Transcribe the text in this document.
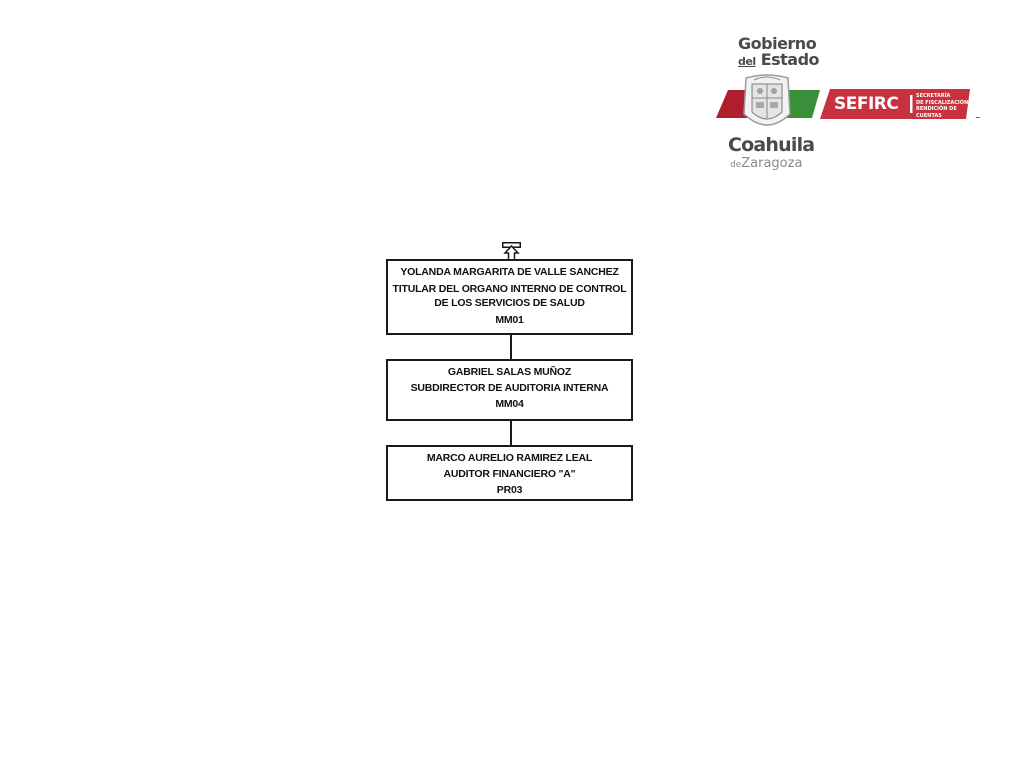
Gobierno
del Estado
Coahuila
deZaragoza
SEFIRC	SECRETARÍA
DE FISCALIZACIÓN Y
RENDICIÓN DE CUENTAS
YOLANDA MARGARITA DE VALLE SANCHEZ
TITULAR DEL ORGANO INTERNO DE CONTROL DE LOS SERVICIOS DE SALUD
MM01
GABRIEL SALAS MUÑOZ
SUBDIRECTOR DE AUDITORIA INTERNA
MM04
MARCO AURELIO RAMIREZ LEAL
AUDITOR FINANCIERO "A"
PR03
